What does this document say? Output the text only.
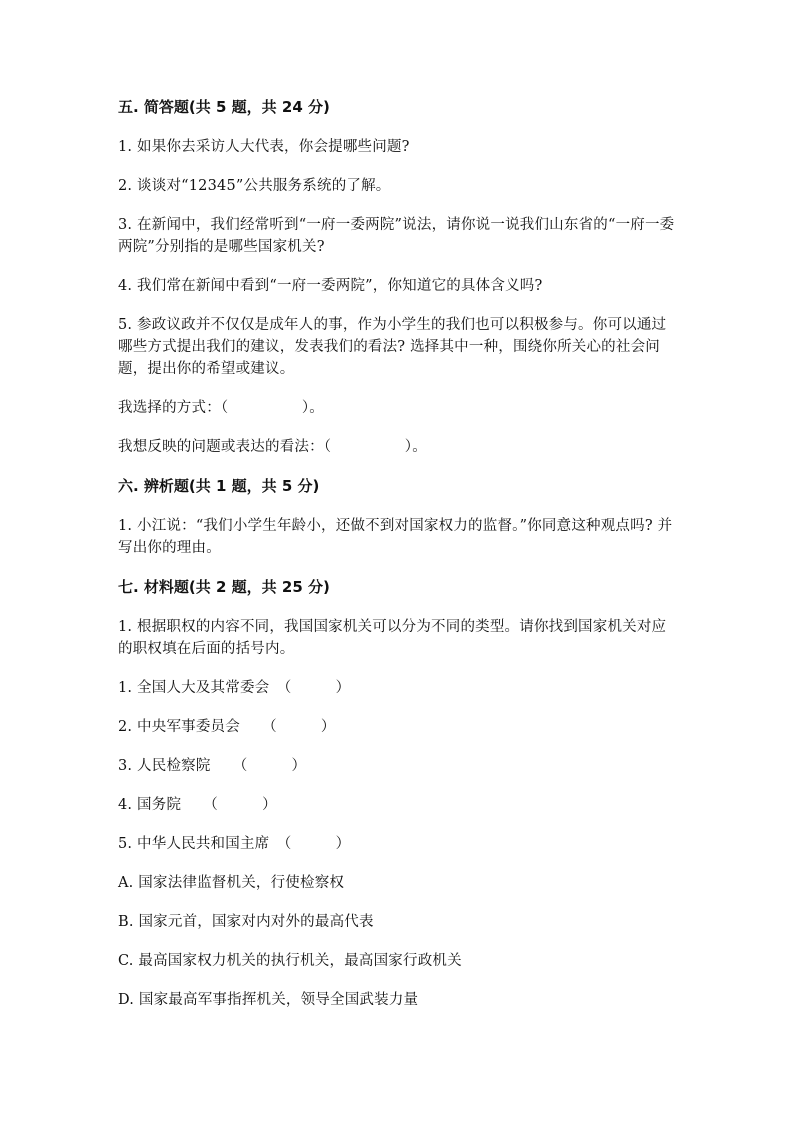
五. 简答题(共 5 题，共 24 分)
1. 如果你去采访人大代表，你会提哪些问题?
2. 谈谈对“12345”公共服务系统的了解。
3. 在新闻中，我们经常听到“一府一委两院”说法，请你说一说我们山东省的“一府一委两院”分别指的是哪些国家机关?
4. 我们常在新闻中看到“一府一委两院”，你知道它的具体含义吗?
5. 参政议政并不仅仅是成年人的事，作为小学生的我们也可以积极参与。你可以通过哪些方式提出我们的建议，发表我们的看法? 选择其中一种，围绕你所关心的社会问题，提出你的希望或建议。
我选择的方式：（　　　　　）。
我想反映的问题或表达的看法：（　　　　　）。
六. 辨析题(共 1 题，共 5 分)
1. 小江说：“我们小学生年龄小，还做不到对国家权力的监督。”你同意这种观点吗? 并写出你的理由。
七. 材料题(共 2 题，共 25 分)
1. 根据职权的内容不同，我国国家机关可以分为不同的类型。请你找到国家机关对应的职权填在后面的括号内。
1. 全国人大及其常委会　（　　　）
2. 中央军事委员会　　（　　　）
3. 人民检察院　　（　　　）
4. 国务院　　（　　　）
5. 中华人民共和国主席　（　　　）
A. 国家法律监督机关，行使检察权
B. 国家元首，国家对内对外的最高代表
C. 最高国家权力机关的执行机关，最高国家行政机关
D. 国家最高军事指挥机关，领导全国武装力量
